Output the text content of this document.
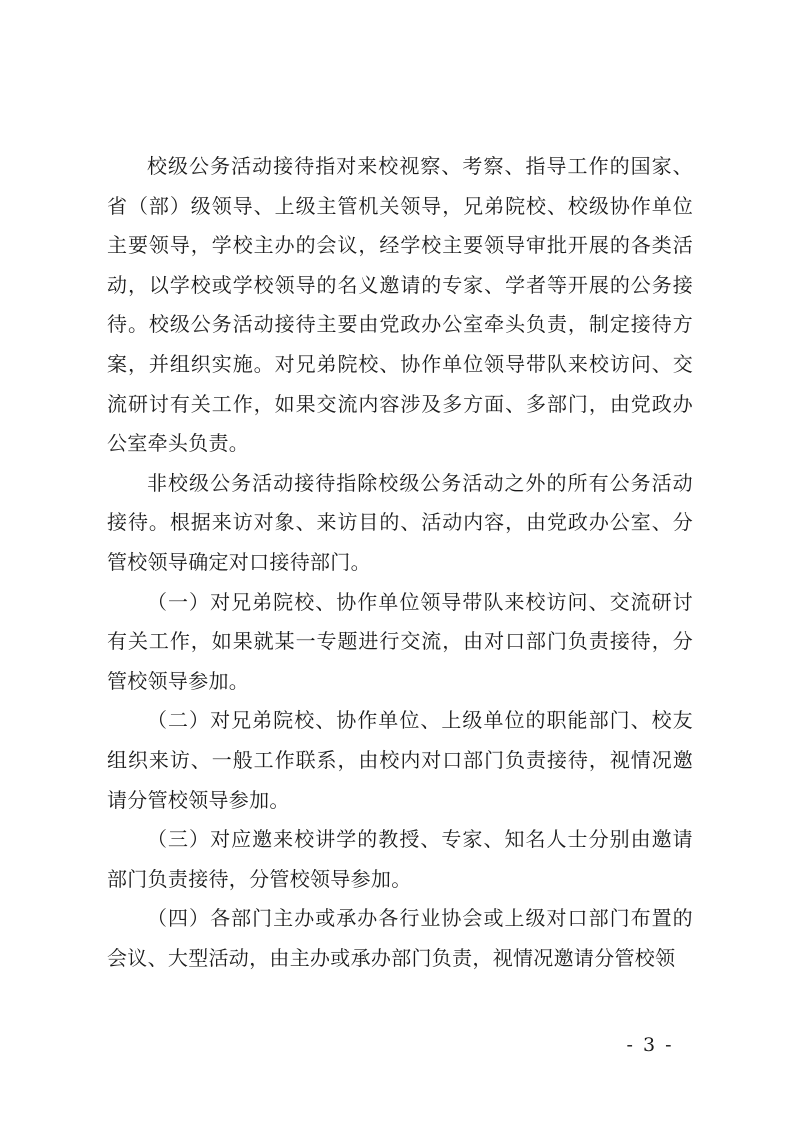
校级公务活动接待指对来校视察、考察、指导工作的国家、省（部）级领导、上级主管机关领导，兄弟院校、校级协作单位主要领导，学校主办的会议，经学校主要领导审批开展的各类活动，以学校或学校领导的名义邀请的专家、学者等开展的公务接待。校级公务活动接待主要由党政办公室牵头负责，制定接待方案，并组织实施。对兄弟院校、协作单位领导带队来校访问、交流研讨有关工作，如果交流内容涉及多方面、多部门，由党政办公室牵头负责。

非校级公务活动接待指除校级公务活动之外的所有公务活动接待。根据来访对象、来访目的、活动内容，由党政办公室、分管校领导确定对口接待部门。

（一）对兄弟院校、协作单位领导带队来校访问、交流研讨有关工作，如果就某一专题进行交流，由对口部门负责接待，分管校领导参加。

（二）对兄弟院校、协作单位、上级单位的职能部门、校友组织来访、一般工作联系，由校内对口部门负责接待，视情况邀请分管校领导参加。

（三）对应邀来校讲学的教授、专家、知名人士分别由邀请部门负责接待，分管校领导参加。

（四）各部门主办或承办各行业协会或上级对口部门布置的会议、大型活动，由主办或承办部门负责，视情况邀请分管校领

- 3 -
